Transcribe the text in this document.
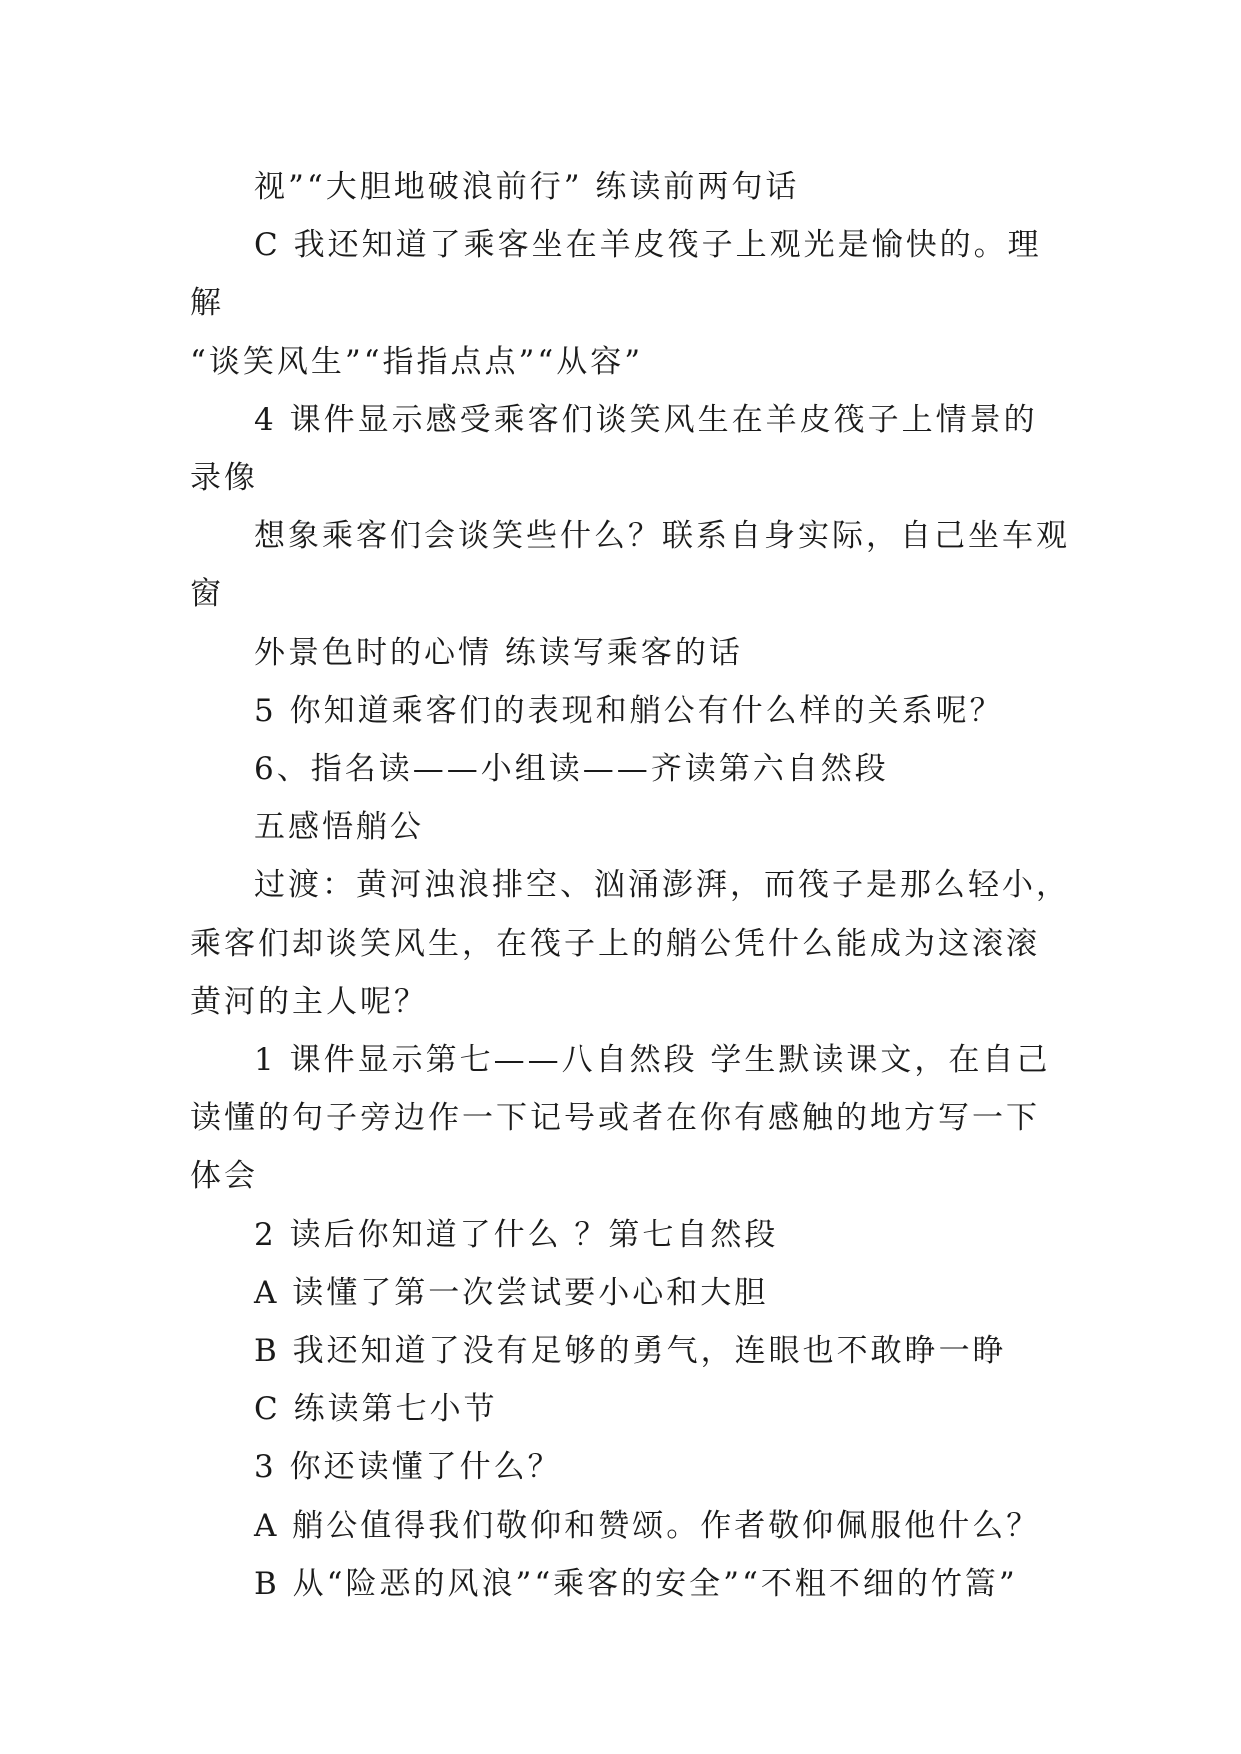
视”“大胆地破浪前行” 练读前两句话

C 我还知道了乘客坐在羊皮筏子上观光是愉快的。理解

“谈笑风生”“指指点点”“从容”

4 课件显示感受乘客们谈笑风生在羊皮筏子上情景的录像

想象乘客们会谈笑些什么？联系自身实际，自己坐车观窗

外景色时的心情 练读写乘客的话

5 你知道乘客们的表现和艄公有什么样的关系呢？

6、指名读——小组读——齐读第六自然段

五感悟艄公

过渡：黄河浊浪排空、汹涌澎湃，而筏子是那么轻小，乘客们却谈笑风生，在筏子上的艄公凭什么能成为这滚滚黄河的主人呢？

1 课件显示第七——八自然段 学生默读课文，在自己读懂的句子旁边作一下记号或者在你有感触的地方写一下体会

2 读后你知道了什么 ？第七自然段

A 读懂了第一次尝试要小心和大胆

B 我还知道了没有足够的勇气，连眼也不敢睁一睁

C 练读第七小节

3 你还读懂了什么？

A 艄公值得我们敬仰和赞颂。作者敬仰佩服他什么？

B 从“险恶的风浪”“乘客的安全”“不粗不细的竹篙”
